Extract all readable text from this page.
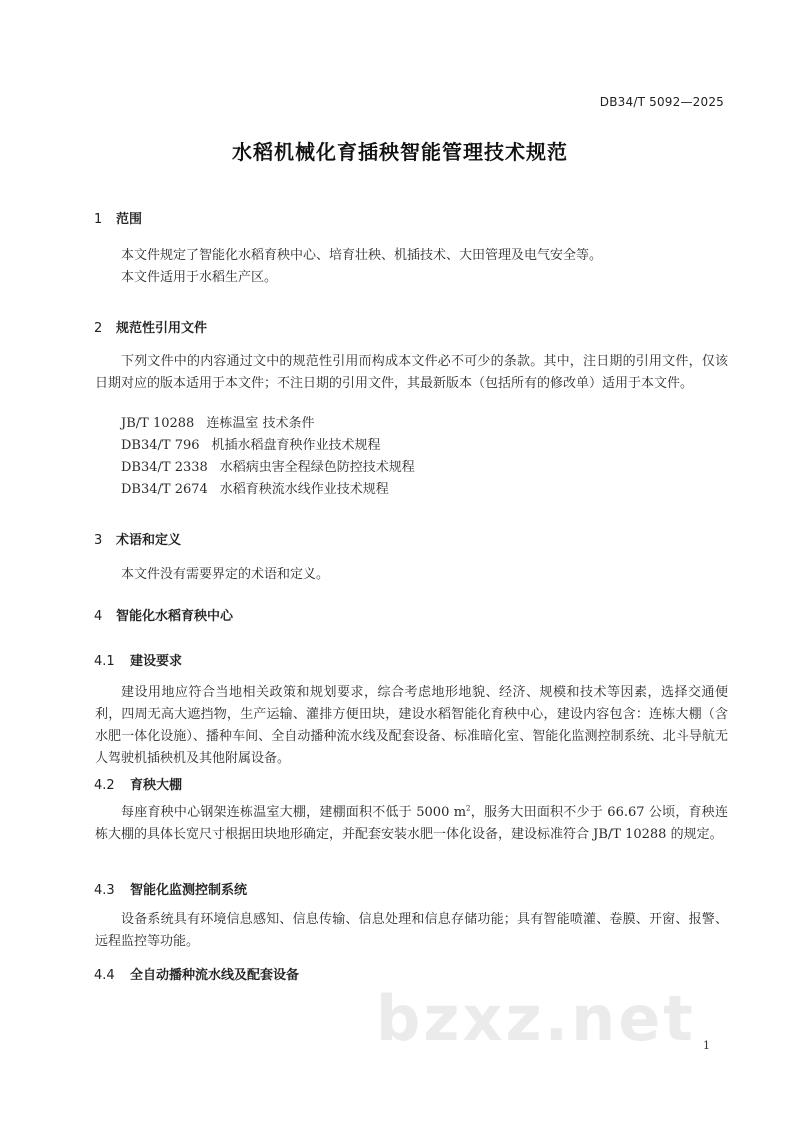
DB34/T 5092—2025
水稻机械化育插秧智能管理技术规范
1 范围

本文件规定了智能化水稻育秧中心、培育壮秧、机插技术、大田管理及电气安全等。

本文件适用于水稻生产区。

2 规范性引用文件

下列文件中的内容通过文中的规范性引用而构成本文件必不可少的条款。其中，注日期的引用文件，仅该日期对应的版本适用于本文件；不注日期的引用文件，其最新版本（包括所有的修改单）适用于本文件。

JB/T 10288 连栋温室 技术条件
DB34/T 796 机插水稻盘育秧作业技术规程
DB34/T 2338 水稻病虫害全程绿色防控技术规程
DB34/T 2674 水稻育秧流水线作业技术规程
3 术语和定义

本文件没有需要界定的术语和定义。

4 智能化水稻育秧中心
4.1 建设要求

建设用地应符合当地相关政策和规划要求，综合考虑地形地貌、经济、规模和技术等因素，选择交通便利，四周无高大遮挡物，生产运输、灌排方便田块，建设水稻智能化育秧中心，建设内容包含：连栋大棚（含水肥一体化设施）、播种车间、全自动播种流水线及配套设备、标准暗化室、智能化监测控制系统、北斗导航无人驾驶机插秧机及其他附属设备。

4.2 育秧大棚

每座育秧中心钢架连栋温室大棚，建棚面积不低于 5000 $m^2$，服务大田面积不少于 66.67 公顷，育秧连栋大棚的具体长宽尺寸根据田块地形确定，并配套安装水肥一体化设备，建设标准符合 JB/T 10288 的规定。

4.3 智能化监测控制系统

设备系统具有环境信息感知、信息传输、信息处理和信息存储功能；具有智能喷灌、卷膜、开窗、报警、远程监控等功能。

4.4 全自动播种流水线及配套设备
bzxz.net 1
